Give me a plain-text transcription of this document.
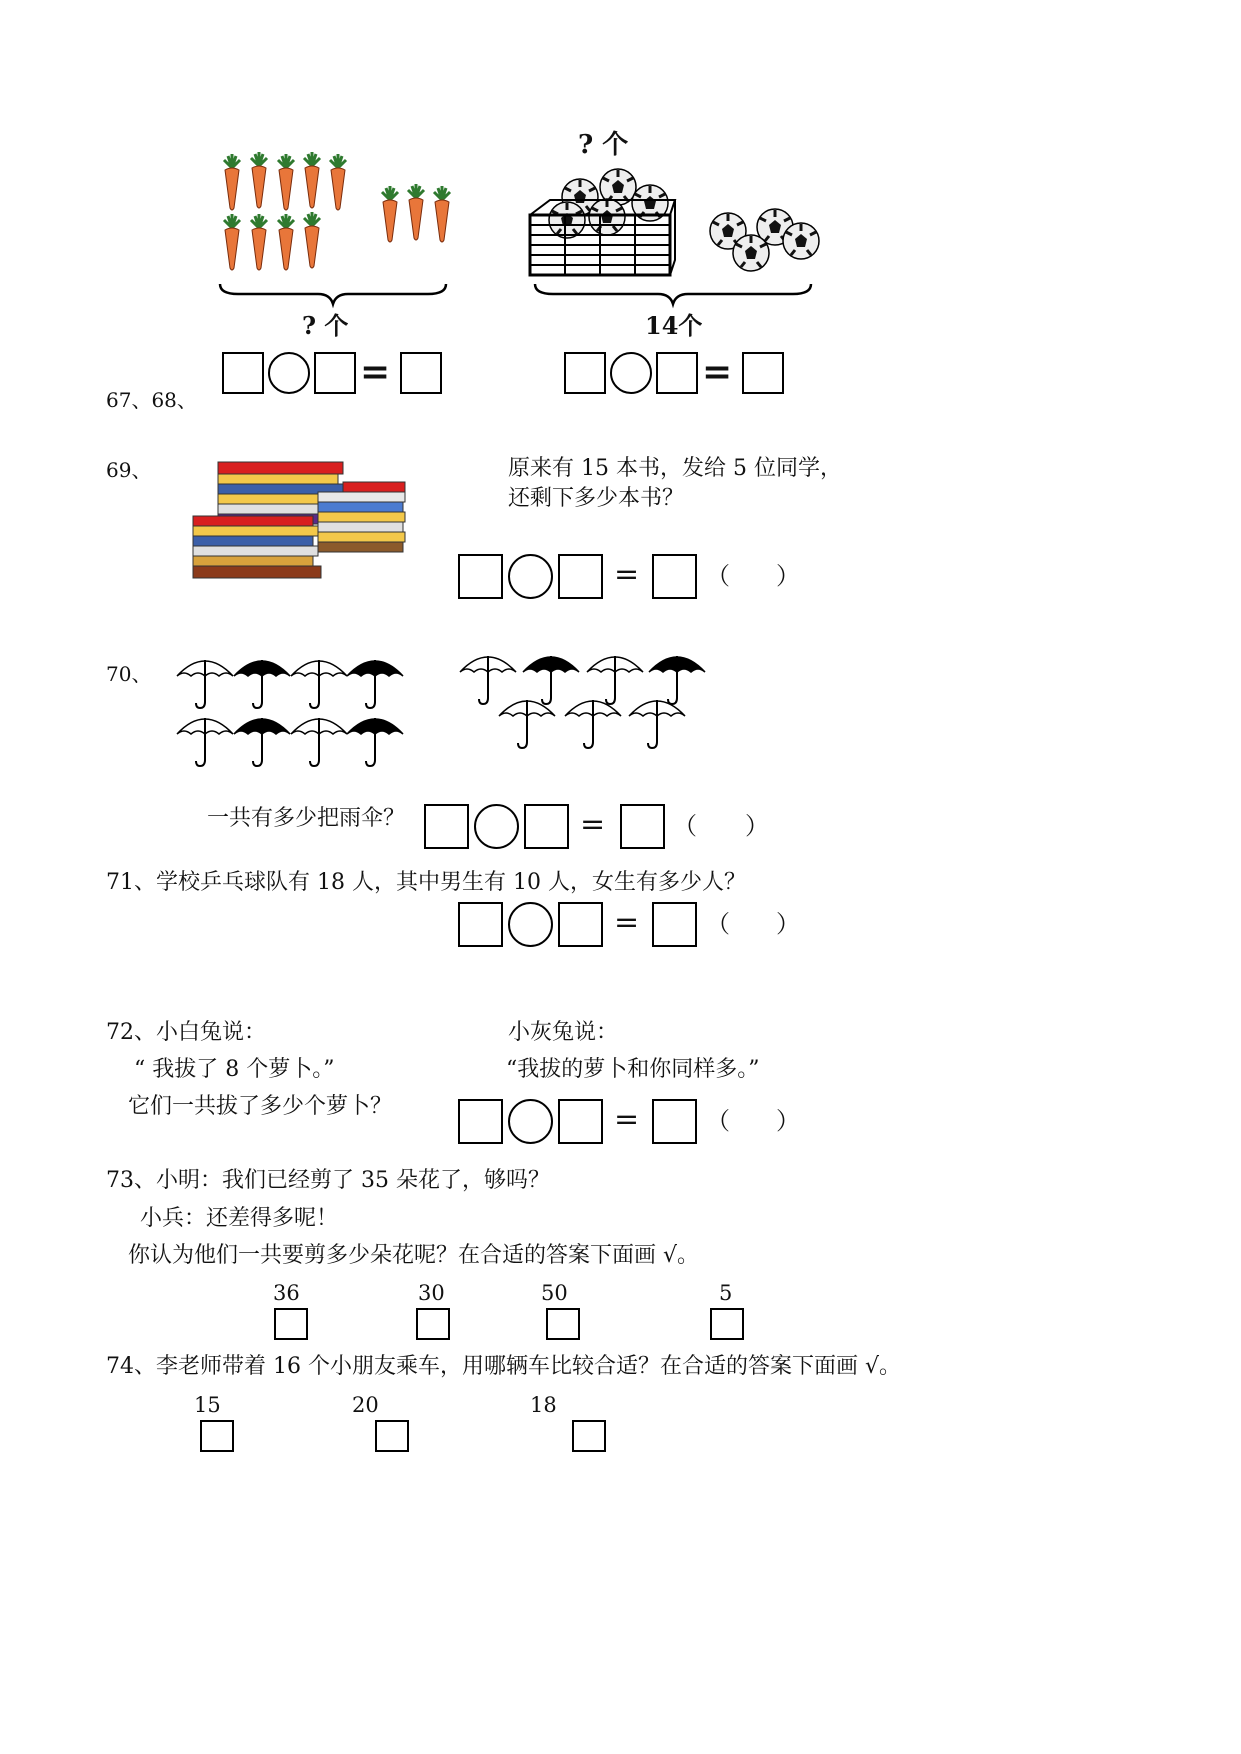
? 个
67、68、
=
? 个
14个
=
69、	原来有 15 本书，发给 5 位同学，
还剩下多少本书？
=	（ ）
70、
一共有多少把雨伞？	=	（ ）
71、学校乒乓球队有 18 人，其中男生有 10 人，女生有多少人？
=	（ ）
72、小白兔说：
“ 我拔了 8 个萝卜。”
小灰兔说：
“我拔的萝卜和你同样多。”
它们一共拔了多少个萝卜？	=	（ ）
73、小明：我们已经剪了 35 朵花了，够吗？
小兵：还差得多呢！
你认为他们一共要剪多少朵花呢？在合适的答案下面画 √。
36	30	50	5
74、李老师带着 16 个小朋友乘车，用哪辆车比较合适？在合适的答案下面画 √。
15	20	18
